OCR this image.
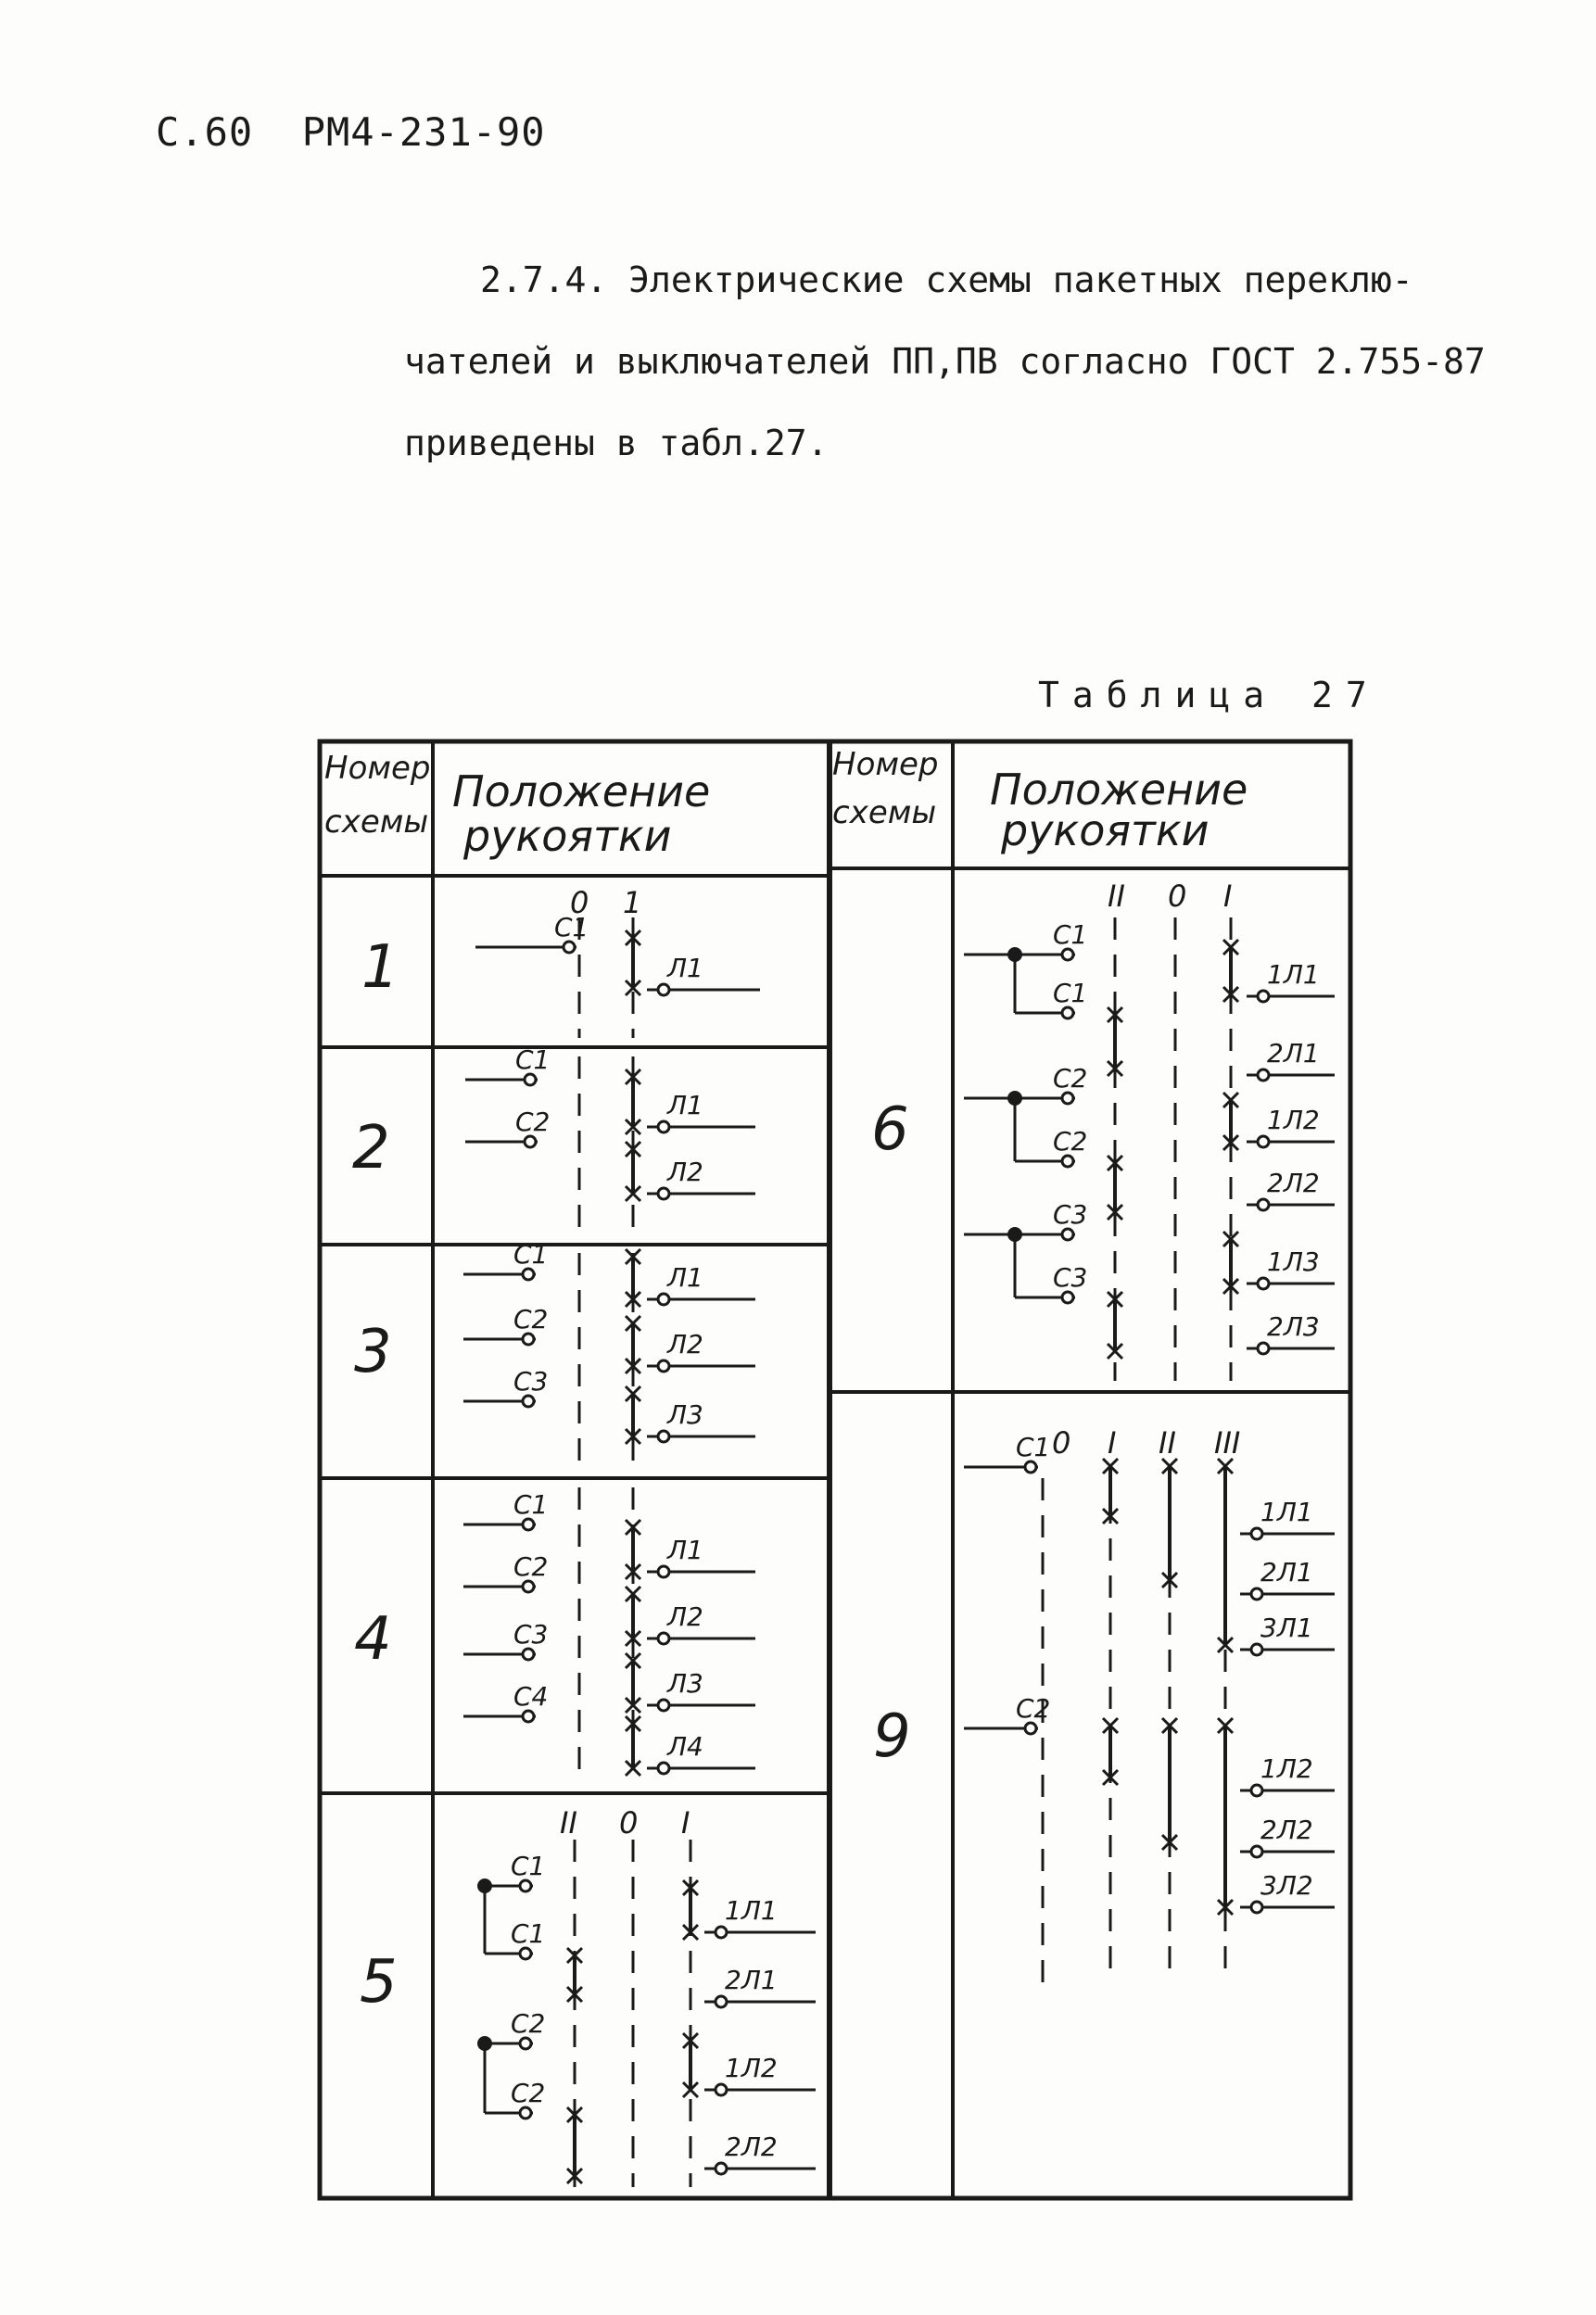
С.60 РМ4-231-90
2.7.4. Электрические схемы пакетных переклю-
чателей и выключателей ПП,ПВ согласно ГОСТ 2.755-87
приведены в табл.27.
Таблица 27
Номер
схемы
Положение
рукоятки
Номер
схемы Положение
рукоятки
1
2
3
4
5
6
9
0 1
С1
Л1
С1
С2
Л1
Л2
С1
С2
С3
Л1
Л2
Л3
С1
С2
С3
С4
Л1
Л2
Л3
Л4
II 0 I
С1
С1
С2
С2
1Л1
2Л1
1Л2
2Л2
II 0 I
С1
С1
С2
С2
С3
С3
1Л1
2Л1
1Л2
2Л2
1Л3
2Л3
0 I II III
С1
С2
1Л1
2Л1
3Л1
1Л2
2Л2
3Л2
